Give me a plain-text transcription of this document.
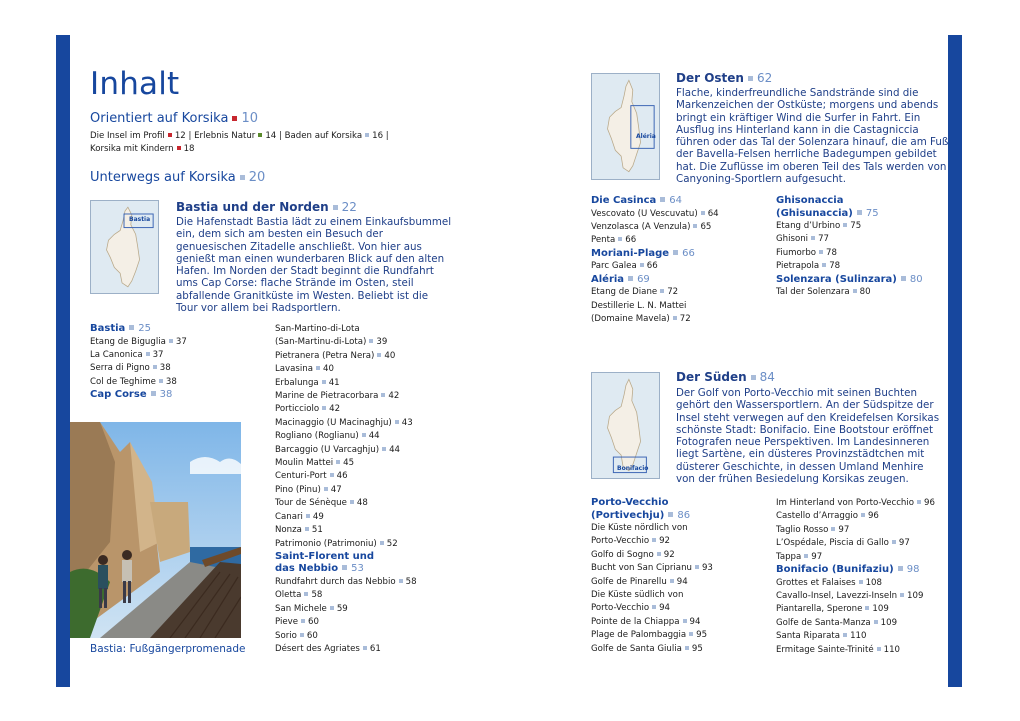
Inhalt
Orientiert auf Korsika 10
Die Insel im Profil 12 | Erlebnis Natur 14 | Baden auf Korsika 16 |
Korsika mit Kindern 18
Unterwegs auf Korsika 20
Bastia
Bastia und der Norden 22
Die Hafenstadt Bastia lädt zu einem Einkaufsbummel
ein, dem sich am besten ein Besuch der
genuesischen Zitadelle anschließt. Von hier aus
genießt man einen wunderbaren Blick auf den alten
Hafen. Im Norden der Stadt beginnt die Rundfahrt
ums Cap Corse: flache Strände im Osten, steil
abfallende Granitküste im Westen. Beliebt ist die
Tour vor allem bei Radsportlern.
Bastia 25
Etang de Biguglia 37
La Canonica 37
Serra di Pigno 38
Col de Teghime 38
Cap Corse 38
San-Martino-di-Lota
(San-Martinu-di-Lota) 39
Pietranera (Petra Nera) 40
Lavasina 40
Erbalunga 41
Marine de Pietracorbara 42
Porticciolo 42
Macinaggio (U Macinaghju) 43
Rogliano (Roglianu) 44
Barcaggio (U Varcaghju) 44
Moulin Mattei 45
Centuri-Port 46
Pino (Pinu) 47
Tour de Sénèque 48
Canari 49
Nonza 51
Patrimonio (Patrimoniu) 52
Saint-Florent und
das Nebbio 53
Rundfahrt durch das Nebbio 58
Oletta 58
San Michele 59
Pieve 60
Sorio 60
Désert des Agriates 61
Bastia: Fußgängerpromenade
Aléria
Der Osten 62
Flache, kinderfreundliche Sandstrände sind die
Markenzeichen der Ostküste; morgens und abends
bringt ein kräftiger Wind die Surfer in Fahrt. Ein
Ausflug ins Hinterland kann in die Castagniccia
führen oder das Tal der Solenzara hinauf, die am Fuß
der Bavella-Felsen herrliche Badegumpen gebildet
hat. Die Zuflüsse im oberen Teil des Tals werden von
Canyoning-Sportlern aufgesucht.
Die Casinca 64
Vescovato (U Vescuvatu) 64
Venzolasca (A Venzula) 65
Penta 66
Moriani-Plage 66
Parc Galea 66
Aléria 69
Etang de Diane 72
Destillerie L. N. Mattei
(Domaine Mavela) 72
Ghisonaccia
(Ghisunaccia) 75
Etang d’Urbino 75
Ghisoni 77
Fiumorbo 78
Pietrapola 78
Solenzara (Sulinzara) 80
Tal der Solenzara 80
Bonifacio
Der Süden 84
Der Golf von Porto-Vecchio mit seinen Buchten
gehört den Wassersportlern. An der Südspitze der
Insel steht verwegen auf den Kreidefelsen Korsikas
schönste Stadt: Bonifacio. Eine Bootstour eröffnet
Fotografen neue Perspektiven. Im Landesinneren
liegt Sartène, ein düsteres Provinzstädtchen mit
düsterer Geschichte, in dessen Umland Menhire
von der frühen Besiedelung Korsikas zeugen.
Porto-Vecchio
(Portivechju) 86
Die Küste nördlich von
Porto-Vecchio 92
Golfo di Sogno 92
Bucht von San Ciprianu 93
Golfe de Pinarellu 94
Die Küste südlich von
Porto-Vecchio 94
Pointe de la Chiappa 94
Plage de Palombaggia 95
Golfe de Santa Giulia 95
Im Hinterland von Porto-Vecchio 96
Castello d’Arraggio 96
Taglio Rosso 97
L’Ospédale, Piscia di Gallo 97
Tappa 97
Bonifacio (Bunifaziu) 98
Grottes et Falaises 108
Cavallo-Insel, Lavezzi-Inseln 109
Piantarella, Sperone 109
Golfe de Santa-Manza 109
Santa Riparata 110
Ermitage Sainte-Trinité 110
